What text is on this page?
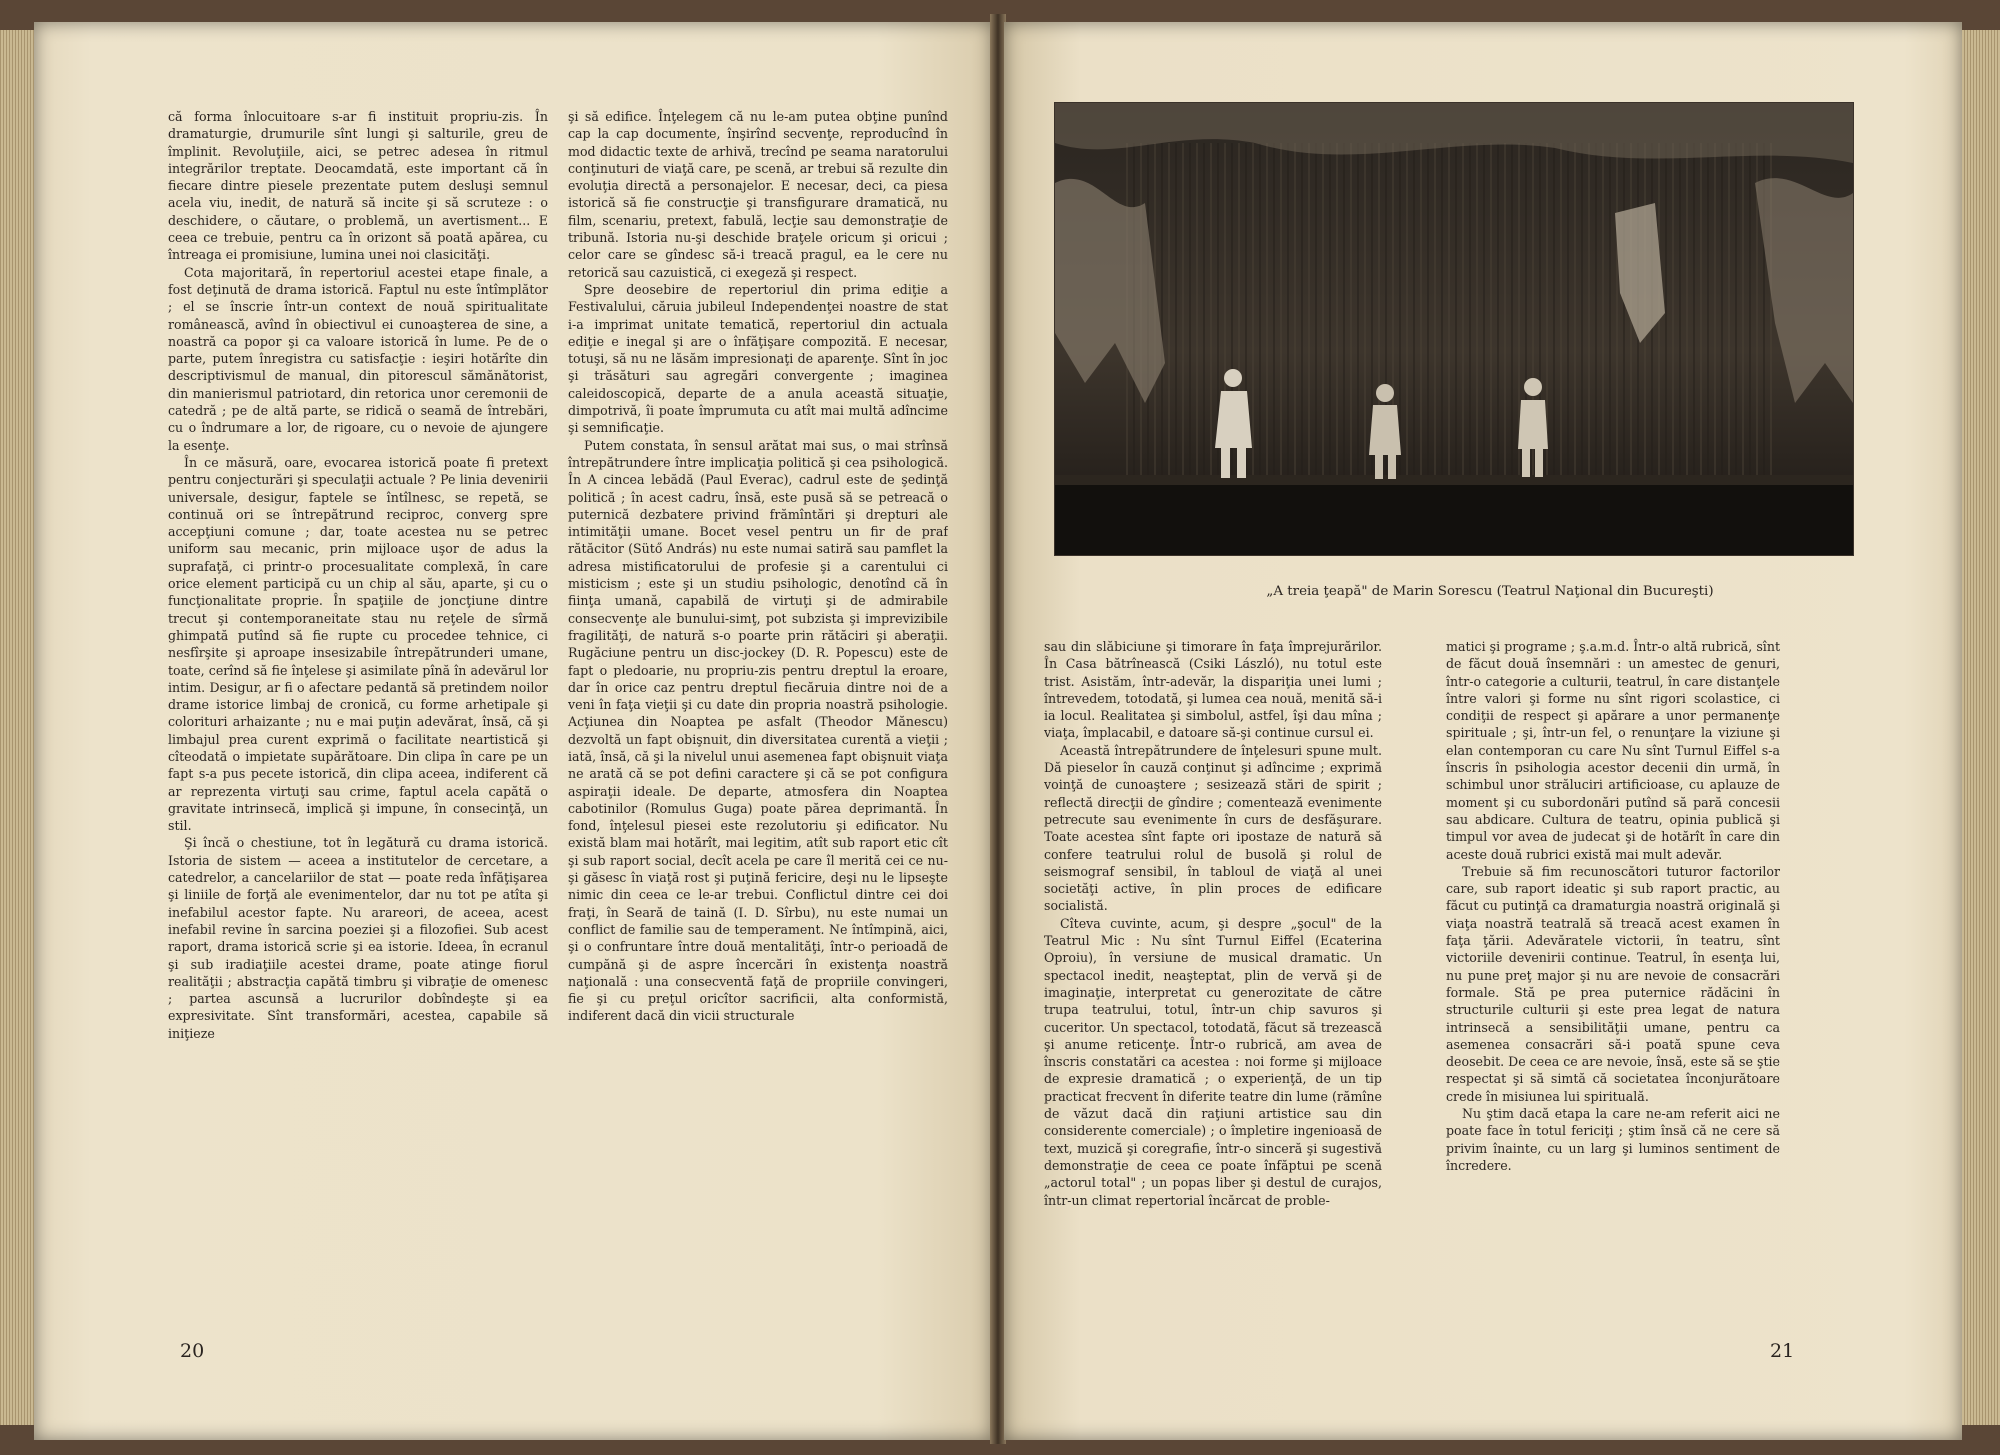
că forma înlocuitoare s-ar fi instituit propriu-zis. În dramaturgie, drumurile sînt lungi şi salturile, greu de împlinit. Revoluţiile, aici, se petrec adesea în ritmul integrărilor treptate. Deocamdată, este important că în fiecare dintre piesele prezentate putem desluşi semnul acela viu, inedit, de natură să incite şi să scruteze : o deschidere, o căutare, o problemă, un avertisment... E ceea ce trebuie, pentru ca în orizont să poată apărea, cu întreaga ei promisiune, lumina unei noi clasicităţi.

Cota majoritară, în repertoriul acestei etape finale, a fost deţinută de drama istorică. Faptul nu este întîmplător ; el se înscrie într-un context de nouă spiritualitate românească, avînd în obiectivul ei cunoaşterea de sine, a noastră ca popor şi ca valoare istorică în lume. Pe de o parte, putem înregistra cu satisfacţie : ieşiri hotărîte din descriptivismul de manual, din pitorescul sămănătorist, din manierismul patriotard, din retorica unor ceremonii de catedră ; pe de altă parte, se ridică o seamă de întrebări, cu o îndrumare a lor, de rigoare, cu o nevoie de ajungere la esenţe.

În ce măsură, oare, evocarea istorică poate fi pretext pentru conjecturări şi speculaţii actuale ? Pe linia devenirii universale, desigur, faptele se întîlnesc, se repetă, se continuă ori se întrepătrund reciproc, converg spre accepţiuni comune ; dar, toate acestea nu se petrec uniform sau mecanic, prin mijloace uşor de adus la suprafaţă, ci printr-o procesualitate complexă, în care orice element participă cu un chip al său, aparte, şi cu o funcţionalitate proprie. În spaţiile de joncţiune dintre trecut şi contemporaneitate stau nu reţele de sîrmă ghimpată putînd să fie rupte cu procedee tehnice, ci nesfîrşite şi aproape insesizabile întrepătrunderi umane, toate, cerînd să fie înţelese şi asimilate pînă în adevărul lor intim. Desigur, ar fi o afectare pedantă să pretindem noilor drame istorice limbaj de cronică, cu forme arhetipale şi colorituri arhaizante ; nu e mai puţin adevărat, însă, că şi limbajul prea curent exprimă o facilitate neartistică şi cîteodată o impietate supărătoare. Din clipa în care pe un fapt s-a pus pecete istorică, din clipa aceea, indiferent că ar reprezenta virtuţi sau crime, faptul acela capătă o gravitate intrinsecă, implică şi impune, în consecinţă, un stil.

Şi încă o chestiune, tot în legătură cu drama istorică. Istoria de sistem — aceea a institutelor de cercetare, a catedrelor, a cancelariilor de stat — poate reda înfăţişarea şi liniile de forţă ale evenimentelor, dar nu tot pe atîta şi inefabilul acestor fapte. Nu arareori, de aceea, acest inefabil revine în sarcina poeziei şi a filozofiei. Sub acest raport, drama istorică scrie şi ea istorie. Ideea, în ecranul şi sub iradiaţiile acestei drame, poate atinge fiorul realităţii ; abstracţia capătă timbru şi vibraţie de omenesc ; partea ascunsă a lucrurilor dobîndeşte şi ea expresivitate. Sînt transformări, acestea, capabile să iniţieze

şi să edifice. Înţelegem că nu le-am putea obţine punînd cap la cap documente, înşirînd secvenţe, reproducînd în mod didactic texte de arhivă, trecînd pe seama naratorului conţinuturi de viaţă care, pe scenă, ar trebui să rezulte din evoluţia directă a personajelor. E necesar, deci, ca piesa istorică să fie construcţie şi transfigurare dramatică, nu film, scenariu, pretext, fabulă, lecţie sau demonstraţie de tribună. Istoria nu-şi deschide braţele oricum şi oricui ; celor care se gîndesc să-i treacă pragul, ea le cere nu retorică sau cazuistică, ci exegeză şi respect.

Spre deosebire de repertoriul din prima ediţie a Festivalului, căruia jubileul Independenţei noastre de stat i-a imprimat unitate tematică, repertoriul din actuala ediţie e inegal şi are o înfăţişare compozită. E necesar, totuşi, să nu ne lăsăm impresionaţi de aparenţe. Sînt în joc şi trăsături sau agregări convergente ; imaginea caleidoscopică, departe de a anula această situaţie, dimpotrivă, îi poate împrumuta cu atît mai multă adîncime şi semnificaţie.

Putem constata, în sensul arătat mai sus, o mai strînsă întrepătrundere între implicaţia politică şi cea psihologică. În A cincea lebădă (Paul Everac), cadrul este de şedinţă politică ; în acest cadru, însă, este pusă să se petreacă o puternică dezbatere privind frămîntări şi drepturi ale intimităţii umane. Bocet vesel pentru un fir de praf rătăcitor (Sütő András) nu este numai satiră sau pamflet la adresa mistificatorului de profesie şi a carentului ci misticism ; este şi un studiu psihologic, denotînd că în fiinţa umană, capabilă de virtuţi şi de admirabile consecvenţe ale bunului-simţ, pot subzista şi imprevizibile fragilităţi, de natură s-o poarte prin rătăciri şi aberaţii. Rugăciune pentru un disc-jockey (D. R. Popescu) este de fapt o pledoarie, nu propriu-zis pentru dreptul la eroare, dar în orice caz pentru dreptul fiecăruia dintre noi de a veni în faţa vieţii şi cu date din propria noastră psihologie. Acţiunea din Noaptea pe asfalt (Theodor Mănescu) dezvoltă un fapt obişnuit, din diversitatea curentă a vieţii ; iată, însă, că şi la nivelul unui asemenea fapt obişnuit viaţa ne arată că se pot defini caractere şi că se pot configura aspiraţii ideale. De departe, atmosfera din Noaptea cabotinilor (Romulus Guga) poate părea deprimantă. În fond, înţelesul piesei este rezolutoriu şi edificator. Nu există blam mai hotărît, mai legitim, atît sub raport etic cît şi sub raport social, decît acela pe care îl merită cei ce nu-şi găsesc în viaţă rost şi puţină fericire, deşi nu le lipseşte nimic din ceea ce le-ar trebui. Conflictul dintre cei doi fraţi, în Seară de taină (I. D. Sîrbu), nu este numai un conflict de familie sau de temperament. Ne întîmpină, aici, şi o confruntare între două mentalităţi, într-o perioadă de cumpănă şi de aspre încercări în existenţa noastră naţională : una consecventă faţă de propriile convingeri, fie şi cu preţul oricîtor sacrificii, alta conformistă, indiferent dacă din vicii structurale

20	21
„A treia ţeapă" de Marin Sorescu (Teatrul Naţional din Bucureşti)

sau din slăbiciune şi timorare în faţa împrejurărilor. În Casa bătrînească (Csiki László), nu totul este trist. Asistăm, într-adevăr, la dispariţia unei lumi ; întrevedem, totodată, şi lumea cea nouă, menită să-i ia locul. Realitatea şi simbolul, astfel, îşi dau mîna ; viaţa, împlacabil, e datoare să-şi continue cursul ei.

Această întrepătrundere de înţelesuri spune mult. Dă pieselor în cauză conţinut şi adîncime ; exprimă voinţă de cunoaştere ; sesizează stări de spirit ; reflectă direcţii de gîndire ; comentează evenimente petrecute sau evenimente în curs de desfăşurare. Toate acestea sînt fapte ori ipostaze de natură să confere teatrului rolul de busolă şi rolul de seismograf sensibil, în tabloul de viaţă al unei societăţi active, în plin proces de edificare socialistă.

Cîteva cuvinte, acum, şi despre „şocul" de la Teatrul Mic : Nu sînt Turnul Eiffel (Ecaterina Oproiu), în versiune de musical dramatic. Un spectacol inedit, neaşteptat, plin de vervă şi de imaginaţie, interpretat cu generozitate de către trupa teatrului, totul, într-un chip savuros şi cuceritor. Un spectacol, totodată, făcut să trezească şi anume reticenţe. Într-o rubrică, am avea de înscris constatări ca acestea : noi forme şi mijloace de expresie dramatică ; o experienţă, de un tip practicat frecvent în diferite teatre din lume (rămîne de văzut dacă din raţiuni artistice sau din considerente comerciale) ; o împletire ingenioasă de text, muzică şi coregrafie, într-o sinceră şi sugestivă demonstraţie de ceea ce poate înfăptui pe scenă „actorul total" ; un popas liber şi destul de curajos, într-un climat repertorial încărcat de proble-

matici şi programe ; ş.a.m.d. Într-o altă rubrică, sînt de făcut două însemnări : un amestec de genuri, într-o categorie a culturii, teatrul, în care distanţele între valori şi forme nu sînt rigori scolastice, ci condiţii de respect şi apărare a unor permanenţe spirituale ; şi, într-un fel, o renunţare la viziune şi elan contemporan cu care Nu sînt Turnul Eiffel s-a înscris în psihologia acestor decenii din urmă, în schimbul unor străluciri artificioase, cu aplauze de moment şi cu subordonări putînd să pară concesii sau abdicare. Cultura de teatru, opinia publică şi timpul vor avea de judecat şi de hotărît în care din aceste două rubrici există mai mult adevăr.

Trebuie să fim recunoscători tuturor factorilor care, sub raport ideatic şi sub raport practic, au făcut cu putinţă ca dramaturgia noastră originală şi viaţa noastră teatrală să treacă acest examen în faţa ţării. Adevăratele victorii, în teatru, sînt victoriile devenirii continue. Teatrul, în esenţa lui, nu pune preţ major şi nu are nevoie de consacrări formale. Stă pe prea puternice rădăcini în structurile culturii şi este prea legat de natura intrinsecă a sensibilităţii umane, pentru ca asemenea consacrări să-i poată spune ceva deosebit. De ceea ce are nevoie, însă, este să se ştie respectat şi să simtă că societatea înconjurătoare crede în misiunea lui spirituală.

Nu ştim dacă etapa la care ne-am referit aici ne poate face în totul fericiţi ; ştim însă că ne cere să privim înainte, cu un larg şi luminos sentiment de încredere.
